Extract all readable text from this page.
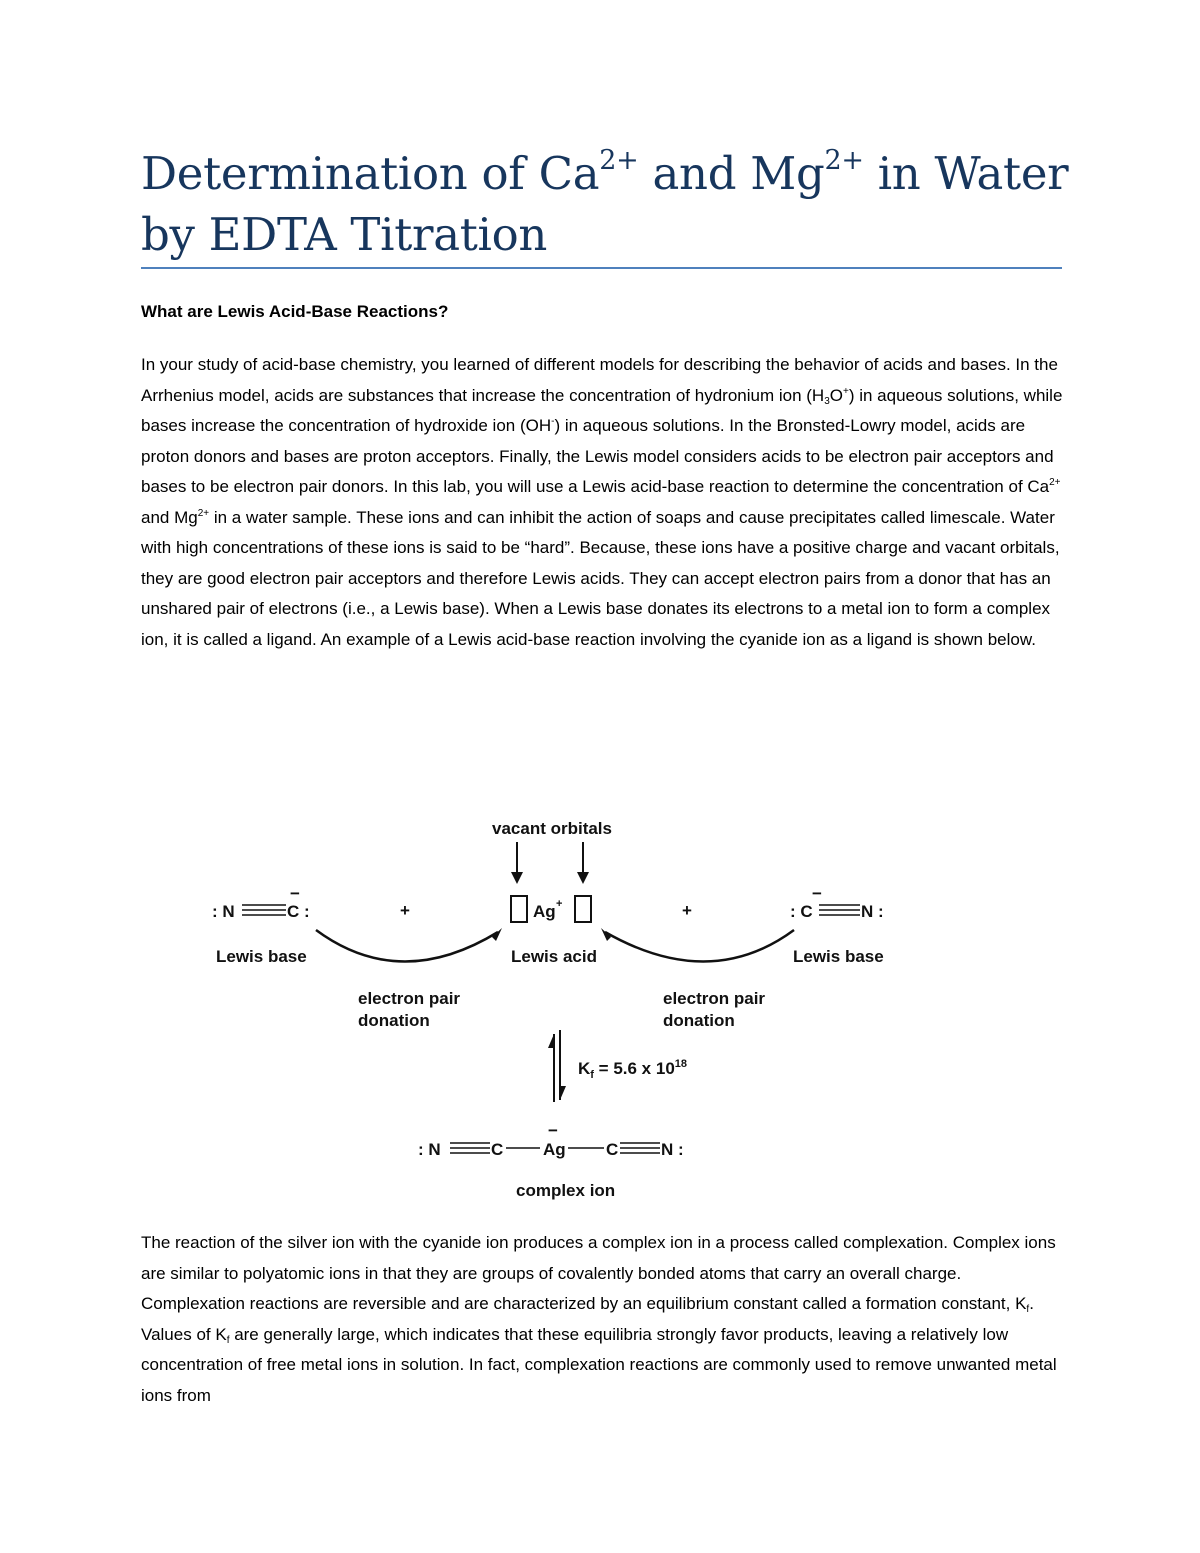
Determination of $Ca^{2+}$ and $Mg^{2+}$ in Water by EDTA Titration
What are Lewis Acid-Base Reactions?

In your study of acid-base chemistry, you learned of different models for describing the behavior of acids and bases. In the Arrhenius model, acids are substances that increase the concentration of hydronium ion $(H_3O^+)$ in aqueous solutions, while bases increase the concentration of hydroxide ion (OH-) in aqueous solutions. In the Bronsted-Lowry model, acids are proton donors and bases are proton acceptors. Finally, the Lewis model considers acids to be electron pair acceptors and bases to be electron pair donors. In this lab, you will use a Lewis acid-base reaction to determine the concentration of $Ca^{2+}$ and $Mg^{2+}$ in a water sample. These ions and can inhibit the action of soaps and cause precipitates called limescale. Water with high concentrations of these ions is said to be “hard”. Because, these ions have a positive charge and vacant orbitals, they are good electron pair acceptors and therefore Lewis acids. They can accept electron pairs from a donor that has an unshared pair of electrons (i.e., a Lewis base). When a Lewis base donates its electrons to a metal ion to form a complex ion, it is called a ligand. An example of a Lewis acid-base reaction involving the cyanide ion as a ligand is shown below.

vacant orbitals
: N	C :
−
+	Ag +	+	: C
−
N :
Lewis base	Lewis acid	Lewis base
electron pair
donation
electron pair
donation
$K_f = 5.6$ x $10^{18}$
: N	C Ag
−
C	N :
complex ion

The reaction of the silver ion with the cyanide ion produces a complex ion in a process called complexation. Complex ions are similar to polyatomic ions in that they are groups of covalently bonded atoms that carry an overall charge. Complexation reactions are reversible and are characterized by an equilibrium constant called a formation constant, $K_f$. Values of $K_f$ are generally large, which indicates that these equilibria strongly favor products, leaving a relatively low concentration of free metal ions in solution. In fact, complexation reactions are commonly used to remove unwanted metal ions from
